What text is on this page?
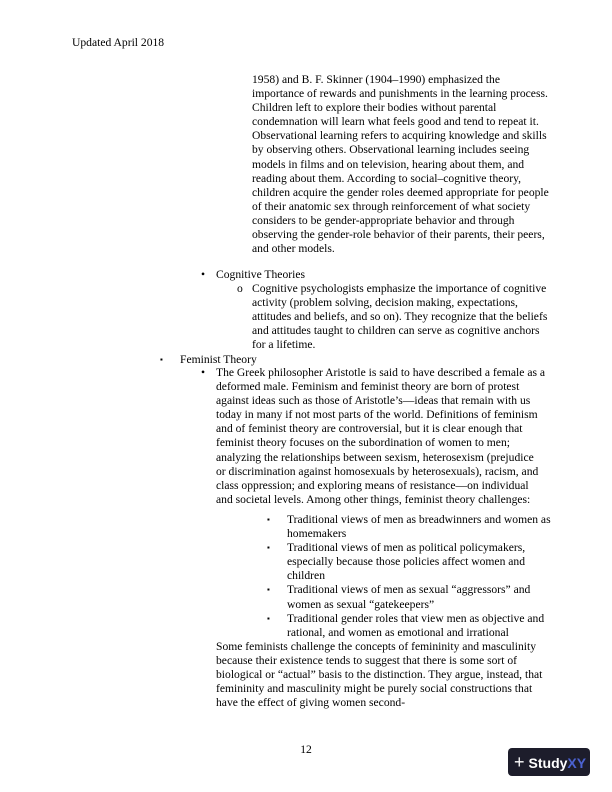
Updated April 2018

1958) and B. F. Skinner (1904–1990) emphasized the importance of rewards and punishments in the learning process. Children left to explore their bodies without parental condemnation will learn what feels good and tend to repeat it. Observational learning refers to acquiring knowledge and skills by observing others. Observational learning includes seeing models in films and on television, hearing about them, and reading about them. According to social–cognitive theory, children acquire the gender roles deemed appropriate for people of their anatomic sex through reinforcement of what society considers to be gender-appropriate behavior and through observing the gender-role behavior of their parents, their peers, and other models.

• Cognitive Theories
o Cognitive psychologists emphasize the importance of cognitive activity (problem solving, decision making, expectations, attitudes and beliefs, and so on). They recognize that the beliefs and attitudes taught to children can serve as cognitive anchors for a lifetime.

▪ Feminist Theory
• The Greek philosopher Aristotle is said to have described a female as a deformed male. Feminism and feminist theory are born of protest against ideas such as those of Aristotle’s—ideas that remain with us today in many if not most parts of the world. Definitions of feminism and of feminist theory are controversial, but it is clear enough that feminist theory focuses on the subordination of women to men; analyzing the relationships between sexism, heterosexism (prejudice or discrimination against homosexuals by heterosexuals), racism, and class oppression; and exploring means of resistance—on individual and societal levels. Among other things, feminist theory challenges:

▪ Traditional views of men as breadwinners and women as homemakers
▪ Traditional views of men as political policymakers, especially because those policies affect women and children
▪ Traditional views of men as sexual “aggressors” and women as sexual “gatekeepers”
▪ Traditional gender roles that view men as objective and rational, and women as emotional and irrational

Some feminists challenge the concepts of femininity and masculinity because their existence tends to suggest that there is some sort of biological or “actual” basis to the distinction. They argue, instead, that femininity and masculinity might be purely social constructions that have the effect of giving women second-

12
+ StudyXY
